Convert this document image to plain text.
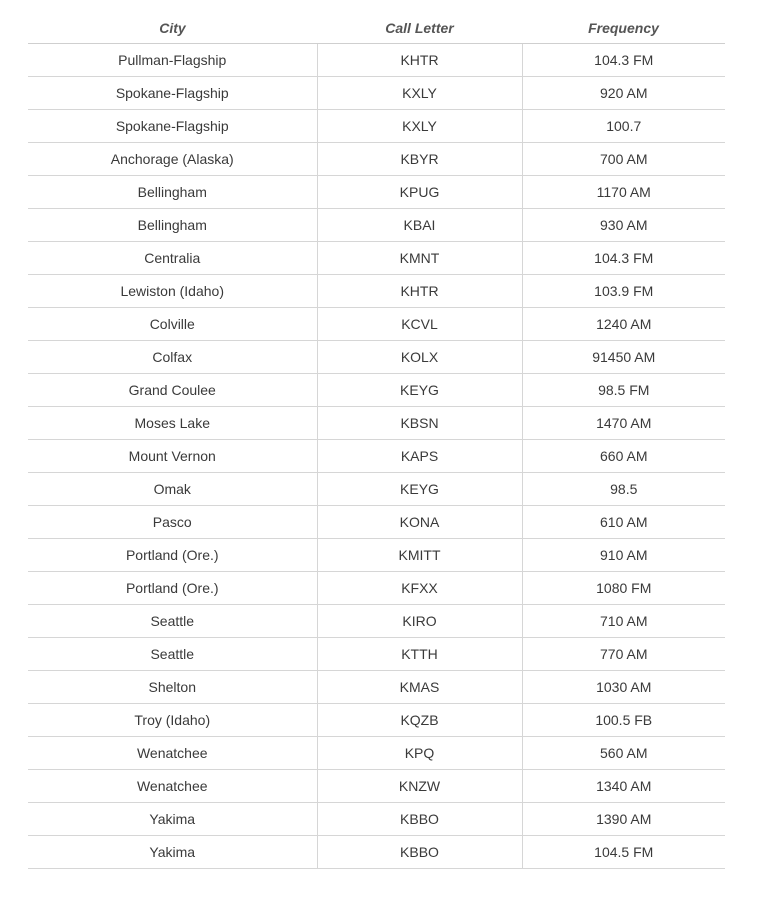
City	Call Letter	Frequency
Pullman-Flagship	KHTR	104.3 FM
Spokane-Flagship	KXLY	920 AM
Spokane-Flagship	KXLY	100.7
Anchorage (Alaska)	KBYR	700 AM
Bellingham	KPUG	1170 AM
Bellingham	KBAI	930 AM
Centralia	KMNT	104.3 FM
Lewiston (Idaho)	KHTR	103.9 FM
Colville	KCVL	1240 AM
Colfax	KOLX	91450 AM
Grand Coulee	KEYG	98.5 FM
Moses Lake	KBSN	1470 AM
Mount Vernon	KAPS	660 AM
Omak	KEYG	98.5
Pasco	KONA	610 AM
Portland (Ore.)	KMITT	910 AM
Portland (Ore.)	KFXX	1080 FM
Seattle	KIRO	710 AM
Seattle	KTTH	770 AM
Shelton	KMAS	1030 AM
Troy (Idaho)	KQZB	100.5 FB
Wenatchee	KPQ	560 AM
Wenatchee	KNZW	1340 AM
Yakima	KBBO	1390 AM
Yakima	KBBO	104.5 FM
